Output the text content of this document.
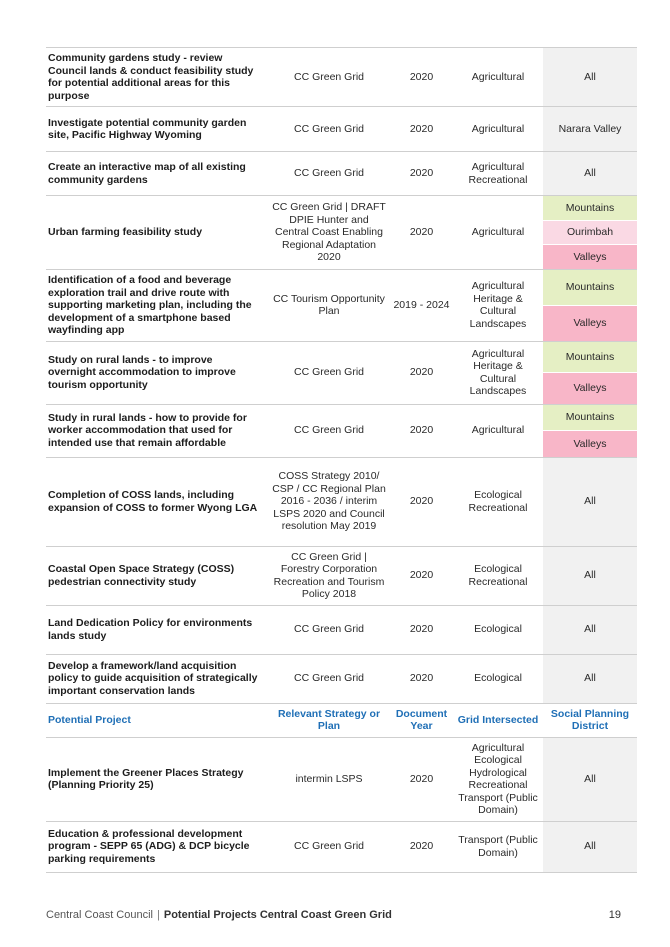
Community gardens study - review Council lands & conduct feasibility study for potential additional areas for this purpose	CC Green Grid	2020	Agricultural	All
Investigate potential community garden site, Pacific Highway Wyoming	CC Green Grid	2020	Agricultural	Narara Valley
Create an interactive map of all existing community gardens	CC Green Grid	2020	Agricultural Recreational	All
Urban farming feasibility study	CC Green Grid | DRAFT DPIE Hunter and Central Coast Enabling Regional Adaptation 2020	2020	Agricultural	Mountains
Ourimbah
Valleys

Identification of a food and beverage exploration trail and drive route with supporting marketing plan, including the development of a smartphone based wayfinding app	CC Tourism Opportunity Plan	2019 - 2024	Agricultural Heritage & Cultural Landscapes	Mountains
Valleys

Study on rural lands - to improve overnight accommodation to improve tourism opportunity	CC Green Grid	2020	Agricultural Heritage & Cultural Landscapes	Mountains
Valleys

Study in rural lands - how to provide for worker accommodation that used for intended use that remain affordable	CC Green Grid	2020	Agricultural	Mountains
Valleys

Completion of COSS lands, including expansion of COSS to former Wyong LGA	COSS Strategy 2010/ CSP / CC Regional Plan 2016 - 2036 / interim LSPS 2020 and Council resolution May 2019	2020	Ecological Recreational	All
Coastal Open Space Strategy (COSS) pedestrian connectivity study	CC Green Grid | Forestry Corporation Recreation and Tourism Policy 2018	2020	Ecological Recreational	All
Land Dedication Policy for environments lands study	CC Green Grid	2020	Ecological	All
Develop a framework/land acquisition policy to guide acquisition of strategically important conservation lands	CC Green Grid	2020	Ecological	All
Potential Project	Relevant Strategy or Plan	Document Year	Grid Intersected	Social Planning District
Implement the Greener Places Strategy (Planning Priority 25)	intermin LSPS	2020	Agricultural Ecological Hydrological Recreational Transport (Public Domain)	All
Education & professional development program - SEPP 65 (ADG) & DCP bicycle parking requirements	CC Green Grid	2020	Transport (Public Domain)	All
Central Coast Council | Potential Projects Central Coast Green Grid	19
